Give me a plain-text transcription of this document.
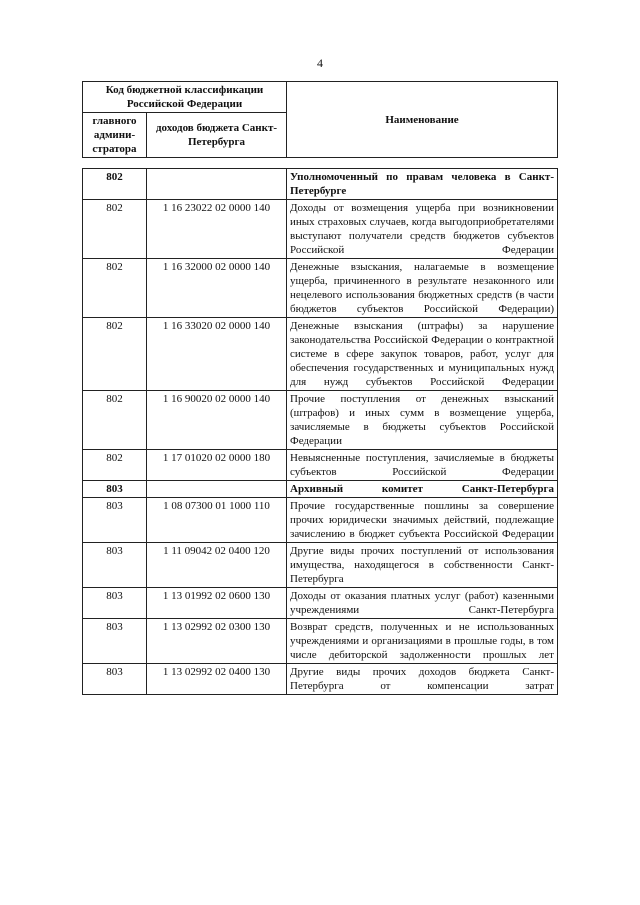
4
Код бюджетной классификации Российской Федерации		Наименование
главного админи-стратора	доходов бюджета Санкт-Петербурга	
802		Уполномоченный по правам человека в Санкт-Петербурге
802	1 16 23022 02 0000 140	Доходы от возмещения ущерба при возникновении иных страховых случаев, когда выгодоприобретателями выступают получатели средств бюджетов субъектов Российской Федерации
802	1 16 32000 02 0000 140	Денежные взыскания, налагаемые в возмещение ущерба, причиненного в результате незаконного или нецелевого использования бюджетных средств (в части бюджетов субъектов Российской Федерации)
802	1 16 33020 02 0000 140	Денежные взыскания (штрафы) за нарушение законодательства Российской Федерации о контрактной системе в сфере закупок товаров, работ, услуг для обеспечения государственных и муниципальных нужд для нужд субъектов Российской Федерации
802	1 16 90020 02 0000 140	Прочие поступления от денежных взысканий (штрафов) и иных сумм в возмещение ущерба, зачисляемые в бюджеты субъектов Российской Федерации
802	1 17 01020 02 0000 180	Невыясненные поступления, зачисляемые в бюджеты субъектов Российской Федерации
803		Архивный комитет Санкт-Петербурга
803	1 08 07300 01 1000 110	Прочие государственные пошлины за совершение прочих юридически значимых действий, подлежащие зачислению в бюджет субъекта Российской Федерации
803	1 11 09042 02 0400 120	Другие виды прочих поступлений от использования имущества, находящегося в собственности Санкт-Петербурга
803	1 13 01992 02 0600 130	Доходы от оказания платных услуг (работ) казенными учреждениями Санкт-Петербурга
803	1 13 02992 02 0300 130	Возврат средств, полученных и не использованных учреждениями и организациями в прошлые годы, в том числе дебиторской задолженности прошлых лет
803	1 13 02992 02 0400 130	Другие виды прочих доходов бюджета Санкт-Петербурга от компенсации затрат
